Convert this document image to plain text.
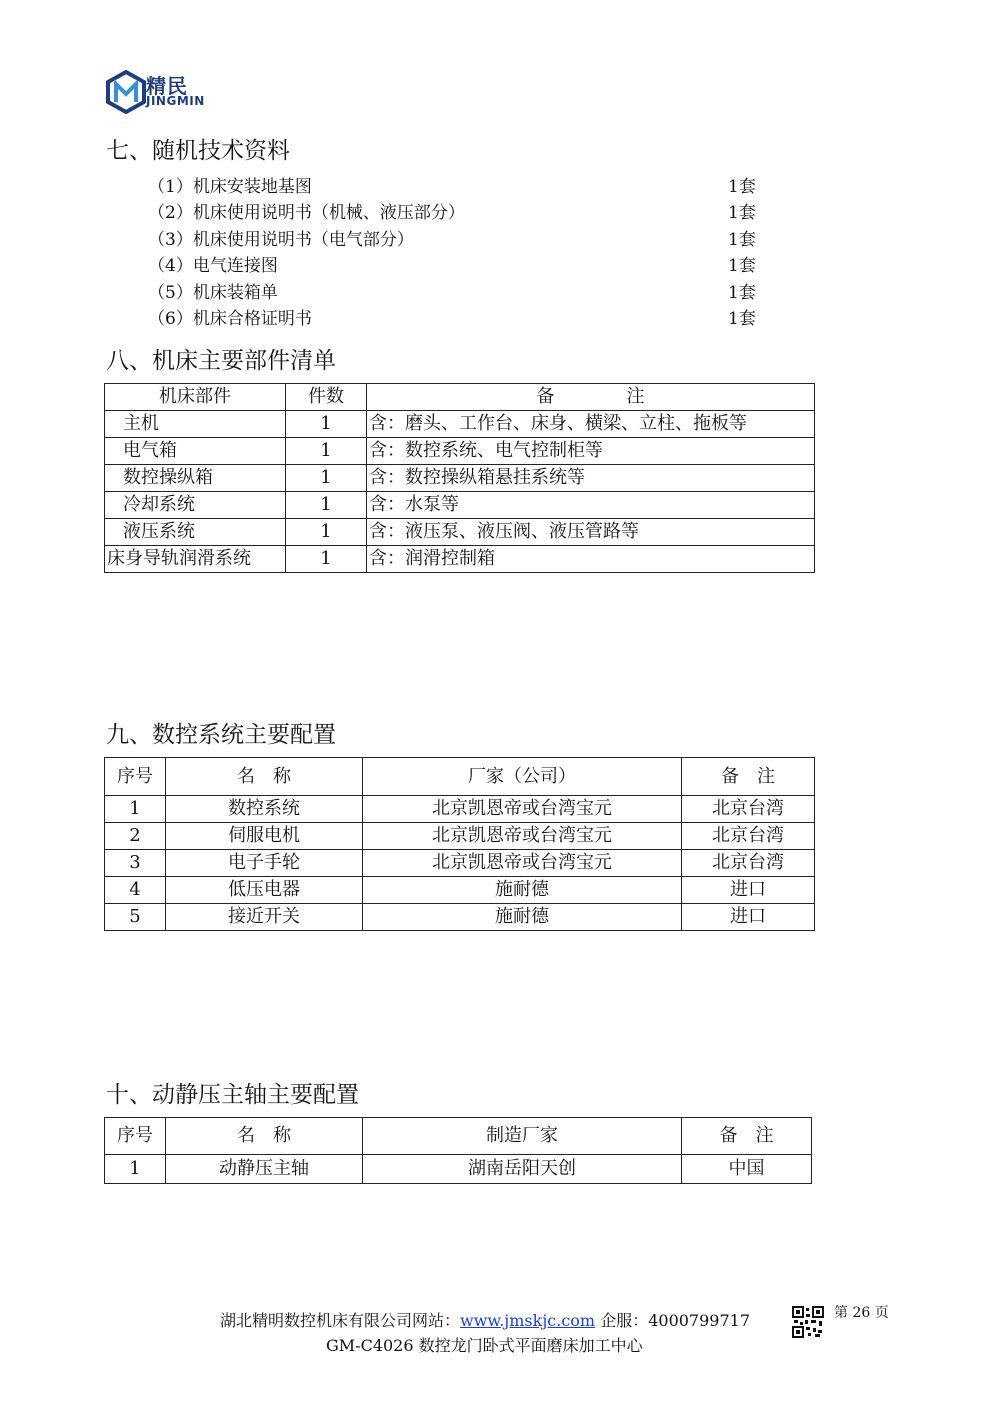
精民
JINGMIN
七、随机技术资料
（1）机床安装地基图	1套
（2）机床使用说明书（机械、液压部分）	1套
（3）机床使用说明书（电气部分）	1套
（4）电气连接图	1套
（5）机床装箱单	1套
（6）机床合格证明书	1套
八、机床主要部件清单
机床部件	件数	备　　　　注
主机	1	含：磨头、工作台、床身、横梁、立柱、拖板等
电气箱	1	含：数控系统、电气控制柜等
数控操纵箱	1	含：数控操纵箱悬挂系统等
冷却系统	1	含：水泵等
液压系统	1	含：液压泵、液压阀、液压管路等
床身导轨润滑系统	1	含：润滑控制箱
九、数控系统主要配置
序号	名　称	厂家（公司）	备　注
1	数控系统	北京凯恩帝或台湾宝元	北京台湾
2	伺服电机	北京凯恩帝或台湾宝元	北京台湾
3	电子手轮	北京凯恩帝或台湾宝元	北京台湾
4	低压电器	施耐德	进口
5	接近开关	施耐德	进口
十、动静压主轴主要配置
序号	名　称	制造厂家	备　注
1	动静压主轴	湖南岳阳天创	中国
湖北精明数控机床有限公司网站：www.jmskjc.com 企服：4000799717	第 26 页
GM-C4026 数控龙门卧式平面磨床加工中心
